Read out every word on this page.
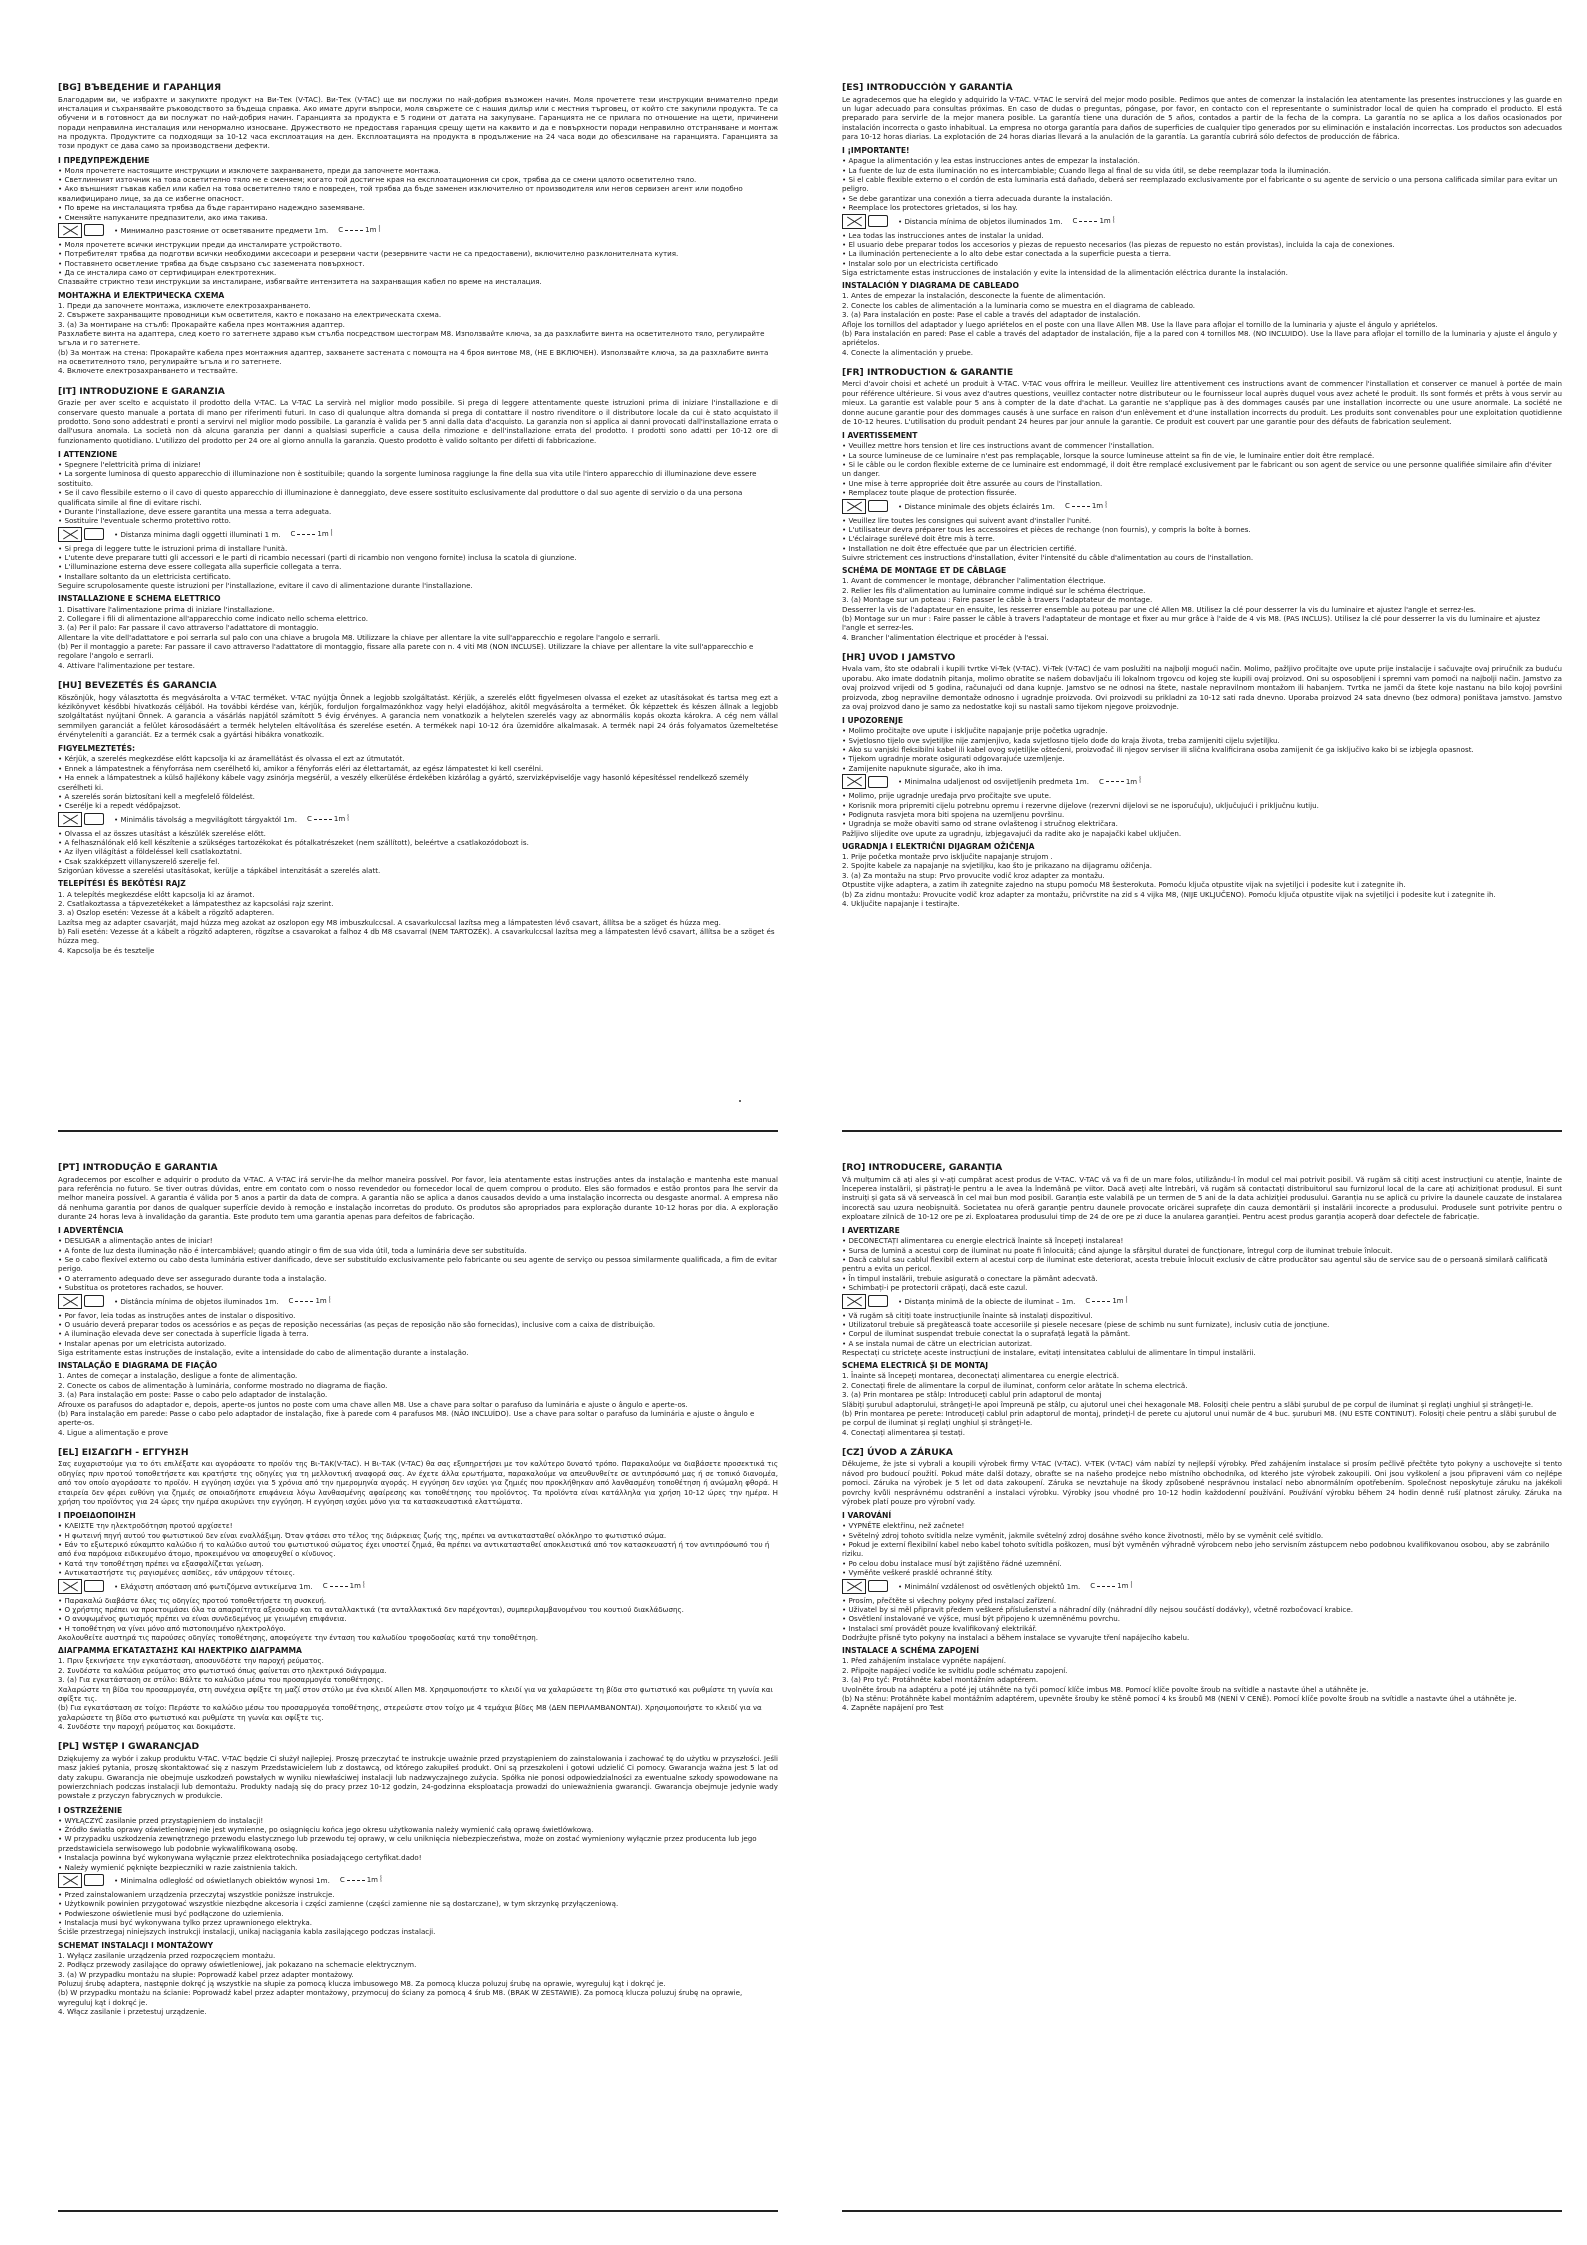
[BG] ВЪВЕДЕНИЕ И ГАРАНЦИЯ
Благодарим ви, че избрахте и закупихте продукт на Ви-Тек (V-TAC). Ви-Тек (V-TAC) ще ви послужи по най-добрия възможен начин. Моля прочетете тези инструкции внимателно преди инсталация и съхранявайте ръководството за бъдеща справка. Ако имате други въпроси, моля свържете се с нашия дилър или с местния търговец, от който сте закупили продукта. Те са обучени и в готовност да ви послужат по най-добрия начин. Гаранцията за продукта е 5 години от датата на закупуване. Гаранцията не се прилага по отношение на щети, причинени поради неправилна инсталация или ненормално износване. Дружеството не предоставя гаранция срещу щети на каквито и да е повърхности поради неправилно отстраняване и монтаж на продукта. Продуктите са подходящи за 10-12 часа експлоатация на ден. Експлоатацията на продукта в продължение на 24 часа води до обезсилване на гаранцията. Гаранцията за този продукт се дава само за производствени дефекти.
I ПРЕДУПРЕЖДЕНИЕ
• Моля прочетете настоящите инструкции и изключете захранването, преди да започнете монтажа.
• Светлинният източник на това осветително тяло не е сменяем; когато той достигне края на експлоатационния си срок, трябва да се смени цялото осветително тяло.
• Ако външният гъвкав кабел или кабел на това осветително тяло е повреден, той трябва да бъде заменен изключително от производителя или негов сервизен агент или подобно квалифицирано лице, за да се избегне опасност.
• По време на инсталацията трябва да бъде гарантирано надеждно заземяване.
• Сменяйте напуканите предпазители, ако има такива.
• Минимално разстояние от осветяваните предмети 1m. C	1m ⦚
• Моля прочетете всички инструкции преди да инсталирате устройството.
• Потребителят трябва да подготви всички необходими аксесоари и резервни части (резервните части не са предоставени), включително разклонителната кутия.
• Поставянето осветление трябва да бъде свързано със заземената повърхност.
• Да се инсталира само от сертифициран електротехник.
Спазвайте стриктно тези инструкции за инсталиране, избягвайте интензитета на захранващия кабел по време на инсталация.
МОНТАЖНА И ЕЛЕКТРИЧЕСКА СХЕМА
1. Преди да започнете монтажа, изключете електрозахранването.
2. Свържете захранващите проводници към осветителя, както е показано на електрическата схема.
3. (a) За монтиране на стълб: Прокарайте кабела през монтажния адаптер.
Разхлабете винта на адаптера, след което го затегнете здраво към стълба посредством шестограм M8. Използвайте ключа, за да разхлабите винта на осветителното тяло, регулирайте ъгъла и го затегнете.
(b) За монтаж на стена: Прокарайте кабела през монтажния адаптер, захванете застената с помощта на 4 броя винтове M8, (НЕ Е ВКЛЮЧЕН). Използвайте ключа, за да разхлабите винта на осветителното тяло, регулирайте ъгъла и го затегнете.
4. Включете електрозахранването и тествайте.
[IT] INTRODUZIONE E GARANZIA
Grazie per aver scelto e acquistato il prodotto della V-TAC. La V-TAC La servirà nel miglior modo possibile. Si prega di leggere attentamente queste istruzioni prima di iniziare l'installazione e di conservare questo manuale a portata di mano per riferimenti futuri. In caso di qualunque altra domanda si prega di contattare il nostro rivenditore o il distributore locale da cui è stato acquistato il prodotto. Sono sono addestrati e pronti a servirvi nel miglior modo possibile. La garanzia è valida per 5 anni dalla data d'acquisto. La garanzia non si applica ai danni provocati dall'installazione errata o dall'usura anomala. La società non dà alcuna garanzia per danni a qualsiasi superficie a causa della rimozione e dell'installazione errata del prodotto. I prodotti sono adatti per 10-12 ore di funzionamento quotidiano. L'utilizzo del prodotto per 24 ore al giorno annulla la garanzia. Questo prodotto è valido soltanto per difetti di fabbricazione.
I ATTENZIONE
• Spegnere l'elettricità prima di iniziare!
• La sorgente luminosa di questo apparecchio di illuminazione non è sostituibile; quando la sorgente luminosa raggiunge la fine della sua vita utile l'intero apparecchio di illuminazione deve essere sostituito.
• Se il cavo flessibile esterno o il cavo di questo apparecchio di illuminazione è danneggiato, deve essere sostituito esclusivamente dal produttore o dal suo agente di servizio o da una persona qualificata simile al fine di evitare rischi.
• Durante l'installazione, deve essere garantita una messa a terra adeguata.
• Sostituire l'eventuale schermo protettivo rotto.
• Distanza minima dagli oggetti illuminati 1 m. C	1m ⦚
• Si prega di leggere tutte le istruzioni prima di installare l'unità.
• L'utente deve preparare tutti gli accessori e le parti di ricambio necessari (parti di ricambio non vengono fornite) inclusa la scatola di giunzione.
• L'illuminazione esterna deve essere collegata alla superficie collegata a terra.
• Installare soltanto da un elettricista certificato.
Seguire scrupolosamente queste istruzioni per l'installazione, evitare il cavo di alimentazione durante l'installazione.
INSTALLAZIONE E SCHEMA ELETTRICO
1. Disattivare l'alimentazione prima di iniziare l'installazione.
2. Collegare i fili di alimentazione all'apparecchio come indicato nello schema elettrico.
3. (a) Per il palo: Far passare il cavo attraverso l'adattatore di montaggio.
Allentare la vite dell'adattatore e poi serrarla sul palo con una chiave a brugola M8. Utilizzare la chiave per allentare la vite sull'apparecchio e regolare l'angolo e serrarli.
(b) Per il montaggio a parete: Far passare il cavo attraverso l'adattatore di montaggio, fissare alla parete con n. 4 viti M8 (NON INCLUSE). Utilizzare la chiave per allentare la vite sull'apparecchio e regolare l'angolo e serrarli.
4. Attivare l'alimentazione per testare.
[HU] BEVEZETÉS ÉS GARANCIA
Köszönjük, hogy választotta és megvásárolta a V-TAC terméket. V-TAC nyújtja Önnek a legjobb szolgáltatást. Kérjük, a szerelés előtt figyelmesen olvassa el ezeket az utasításokat és tartsa meg ezt a kézikönyvet későbbi hivatkozás céljából. Ha további kérdése van, kérjük, forduljon forgalmazónkhoz vagy helyi eladójához, akitől megvásárolta a terméket. Ők képzettek és készen állnak a legjobb szolgáltatást nyújtani Önnek. A garancia a vásárlás napjától számított 5 évig érvényes. A garancia nem vonatkozik a helytelen szerelés vagy az abnormális kopás okozta károkra. A cég nem vállal semmilyen garanciát a felület károsodásáért a termék helytelen eltávolítása és szerelése esetén. A termékek napi 10-12 óra üzemidőre alkalmasak. A termék napi 24 órás folyamatos üzemeltetése érvényteleníti a garanciát. Ez a termék csak a gyártási hibákra vonatkozik.
FIGYELMEZTETÉS:
• Kérjük, a szerelés megkezdése előtt kapcsolja ki az áramellátást és olvassa el ezt az útmutatót.
• Ennek a lámpatestnek a fényforrása nem cserélhető ki, amikor a fényforrás eléri az élettartamát, az egész lámpatestet ki kell cserélni.
• Ha ennek a lámpatestnek a külső hajlékony kábele vagy zsinórja megsérül, a veszély elkerülése érdekében kizárólag a gyártó, szervizképviselője vagy hasonló képesítéssel rendelkező személy cserélheti ki.
• A szerelés során biztosítani kell a megfelelő földelést.
• Cserélje ki a repedt védőpajzsot.
• Minimális távolság a megvilágított tárgyaktól 1m. C	1m ⦚
• Olvassa el az összes utasítást a készülék szerelése előtt.
• A felhasználónak elő kell készítenie a szükséges tartozékokat és pótalkatrészeket (nem szállított), beleértve a csatlakozódobozt is.
• Az ilyen világítást a földeléssel kell csatlakoztatni.
• Csak szakképzett villanyszerelő szerelje fel.
Szigorúan kövesse a szerelési utasításokat, kerülje a tápkábel intenzitását a szerelés alatt.
TELEPÍTÉSI ÉS BEKÖTÉSI RAJZ
1. A telepítés megkezdése előtt kapcsolja ki az áramot.
2. Csatlakoztassa a tápvezetékeket a lámpatesthez az kapcsolási rajz szerint.
3. a) Oszlop esetén: Vezesse át a kábelt a rögzítő adapteren.
Lazítsa meg az adapter csavarját, majd húzza meg azokat az oszlopon egy M8 imbuszkulccsal. A csavarkulccsal lazítsa meg a lámpatesten lévő csavart, állítsa be a szöget és húzza meg.
b) Fali esetén: Vezesse át a kábelt a rögzítő adapteren, rögzítse a csavarokat a falhoz 4 db M8 csavarral (NEM TARTOZÉK). A csavarkulccsal lazítsa meg a lámpatesten lévő csavart, állítsa be a szöget és húzza meg.
4. Kapcsolja be és tesztelje
[ES] INTRODUCCIÓN Y GARANTÍA
Le agradecemos que ha elegido y adquirido la V-TAC. V-TAC le servirá del mejor modo posible. Pedimos que antes de comenzar la instalación lea atentamente las presentes instrucciones y las guarde en un lugar adecuado para consultas próximas. En caso de dudas o preguntas, póngase, por favor, en contacto con el representante o suministrador local de quien ha comprado el producto. El está preparado para servirle de la mejor manera posible. La garantía tiene una duración de 5 años, contados a partir de la fecha de la compra. La garantía no se aplica a los daños ocasionados por instalación incorrecta o gasto inhabitual. La empresa no otorga garantía para daños de superficies de cualquier tipo generados por su eliminación e instalación incorrectas. Los productos son adecuados para 10-12 horas diarias. La explotación de 24 horas diarias llevará a la anulación de la garantía. La garantía cubrirá sólo defectos de producción de fábrica.
I ¡IMPORTANTE!
• Apague la alimentación y lea estas instrucciones antes de empezar la instalación.
• La fuente de luz de esta iluminación no es intercambiable; Cuando llega al final de su vida útil, se debe reemplazar toda la iluminación.
• Si el cable flexible externo o el cordón de esta luminaria está dañado, deberá ser reemplazado exclusivamente por el fabricante o su agente de servicio o una persona calificada similar para evitar un peligro.
• Se debe garantizar una conexión a tierra adecuada durante la instalación.
• Reemplace los protectores grietados, si los hay.
• Distancia mínima de objetos iluminados 1m. C	1m ⦚
• Lea todas las instrucciones antes de instalar la unidad.
• El usuario debe preparar todos los accesorios y piezas de repuesto necesarios (las piezas de repuesto no están provistas), incluida la caja de conexiones.
• La iluminación perteneciente a lo alto debe estar conectada a la superficie puesta a tierra.
• Instalar solo por un electricista certificado
Siga estrictamente estas instrucciones de instalación y evite la intensidad de la alimentación eléctrica durante la instalación.
INSTALACIÓN Y DIAGRAMA DE CABLEADO
1. Antes de empezar la instalación, desconecte la fuente de alimentación.
2. Conecte los cables de alimentación a la luminaria como se muestra en el diagrama de cableado.
3. (a) Para instalación en poste: Pase el cable a través del adaptador de instalación.
Afloje los tornillos del adaptador y luego apriételos en el poste con una llave Allen M8. Use la llave para aflojar el tornillo de la luminaria y ajuste el ángulo y apriételos.
(b) Para instalación en pared: Pase el cable a través del adaptador de instalación, fije a la pared con 4 tornillos M8. (NO INCLUIDO). Use la llave para aflojar el tornillo de la luminaria y ajuste el ángulo y apriételos.
4. Conecte la alimentación y pruebe.
[FR] INTRODUCTION & GARANTIE
Merci d'avoir choisi et acheté un produit à V-TAC. V-TAC vous offrira le meilleur. Veuillez lire attentivement ces instructions avant de commencer l'installation et conserver ce manuel à portée de main pour référence ultérieure. Si vous avez d'autres questions, veuillez contacter notre distributeur ou le fournisseur local auprès duquel vous avez acheté le produit. Ils sont formés et prêts à vous servir au mieux. La garantie est valable pour 5 ans à compter de la date d'achat. La garantie ne s'applique pas à des dommages causés par une installation incorrecte ou une usure anormale. La société ne donne aucune garantie pour des dommages causés à une surface en raison d'un enlèvement et d'une installation incorrects du produit. Les produits sont convenables pour une exploitation quotidienne de 10-12 heures. L'utilisation du produit pendant 24 heures par jour annule la garantie. Ce produit est couvert par une garantie pour des défauts de fabrication seulement.
I AVERTISSEMENT
• Veuillez mettre hors tension et lire ces instructions avant de commencer l'installation.
• La source lumineuse de ce luminaire n'est pas remplaçable, lorsque la source lumineuse atteint sa fin de vie, le luminaire entier doit être remplacé.
• Si le câble ou le cordon flexible externe de ce luminaire est endommagé, il doit être remplacé exclusivement par le fabricant ou son agent de service ou une personne qualifiée similaire afin d'éviter un danger.
• Une mise à terre appropriée doit être assurée au cours de l'installation.
• Remplacez toute plaque de protection fissurée.
• Distance minimale des objets éclairés 1m. C	1m ⦚
• Veuillez lire toutes les consignes qui suivent avant d'installer l'unité.
• L'utilisateur devra préparer tous les accessoires et pièces de rechange (non fournis), y compris la boîte à bornes.
• L'éclairage surélevé doit être mis à terre.
• Installation ne doit être effectuée que par un électricien certifié.
Suivre strictement ces instructions d'installation, éviter l'intensité du câble d'alimentation au cours de l'installation.
SCHÉMA DE MONTAGE ET DE CÂBLAGE
1. Avant de commencer le montage, débrancher l'alimentation électrique.
2. Relier les fils d'alimentation au luminaire comme indiqué sur le schéma électrique.
3. (a) Montage sur un poteau : Faire passer le câble à travers l'adaptateur de montage.
Desserrer la vis de l'adaptateur en ensuite, les resserrer ensemble au poteau par une clé Allen M8. Utilisez la clé pour desserrer la vis du luminaire et ajustez l'angle et serrez-les.
(b) Montage sur un mur : Faire passer le câble à travers l'adaptateur de montage et fixer au mur grâce à l'aide de 4 vis M8. (PAS INCLUS). Utilisez la clé pour desserrer la vis du luminaire et ajustez l'angle et serrez-les.
4. Brancher l'alimentation électrique et procéder à l'essai.
[HR] UVOD I JAMSTVO
Hvala vam, što ste odabrali i kupili tvrtke Vi-Tek (V-TAC). Vi-Tek (V-TAC) će vam poslužiti na najbolji mogući način. Molimo, pažljivo pročitajte ove upute prije instalacije i sačuvajte ovaj priručnik za buduću uporabu. Ako imate dodatnih pitanja, molimo obratite se našem dobavljaču ili lokalnom trgovcu od kojeg ste kupili ovaj proizvod. Oni su osposobljeni i spremni vam pomoći na najbolji način. Jamstvo za ovaj proizvod vrijedi od 5 godina, računajući od dana kupnje. Jamstvo se ne odnosi na štete, nastale nepravilnom montažom ili habanjem. Tvrtka ne jamči da štete koje nastanu na bilo kojoj površini proizvoda, zbog nepravilne demontaže odnosno i ugradnje proizvoda. Ovi proizvodi su prikladni za 10-12 sati rada dnevno. Uporaba proizvod 24 sata dnevno (bez odmora) poništava jamstvo. Jamstvo za ovaj proizvod dano je samo za nedostatke koji su nastali samo tijekom njegove proizvodnje.
I UPOZORENJE
• Molimo pročitajte ove upute i isključite napajanje prije početka ugradnje.
• Svjetlosno tijelo ove svjetiljke nije zamjenjivo, kada svjetlosno tijelo dođe do kraja života, treba zamijeniti cijelu svjetiljku.
• Ako su vanjski fleksibilni kabel ili kabel ovog svjetiljke oštećeni, proizvođač ili njegov serviser ili slična kvalificirana osoba zamijenit će ga isključivo kako bi se izbjegla opasnost.
• Tijekom ugradnje morate osigurati odgovarajuće uzemljenje.
• Zamijenite napuknute sigurače, ako ih ima.
• Minimalna udaljenost od osvijetljenih predmeta 1m. C	1m ⦚
• Molimo, prije ugradnje uređaja prvo pročitajte sve upute.
• Korisnik mora pripremiti cijelu potrebnu opremu i rezervne dijelove (rezervni dijelovi se ne isporučuju), uključujući i priključnu kutiju.
• Podignuta rasvjeta mora biti spojena na uzemljenu površinu.
• Ugradnja se može obaviti samo od strane ovlaštenog i stručnog električara.
Pažljivo slijedite ove upute za ugradnju, izbjegavajući da radite ako je napajački kabel uključen.
UGRADNJA I ELEKTRIČNI DIJAGRAM OŽIČENJA
1. Prije početka montaže prvo isključite napajanje strujom .
2. Spojite kabele za napajanje na svjetiljku, kao što je prikazano na dijagramu ožičenja.
3. (a) Za montažu na stup: Prvo provucite vodič kroz adapter za montažu.
Otpustite vijke adaptera, a zatim ih zategnite zajedno na stupu pomoću M8 šesterokuta. Pomoću ključa otpustite vijak na svjetiljci i podesite kut i zategnite ih.
(b) Za zidnu montažu: Provucite vodič kroz adapter za montažu, pričvrstite na zid s 4 vijka M8, (NIJE UKLJUČENO). Pomoću ključa otpustite vijak na svjetiljci i podesite kut i zategnite ih.
4. Uključite napajanje i testirajte.
[PT] INTRODUÇÃO E GARANTIA
Agradecemos por escolher e adquirir o produto da V-TAC. A V-TAC irá servir-lhe da melhor maneira possível. Por favor, leia atentamente estas instruções antes da instalação e mantenha este manual para referência no futuro. Se tiver outras dúvidas, entre em contato com o nosso revendedor ou fornecedor local de quem comprou o produto. Eles são formados e estão prontos para lhe servir da melhor maneira possível. A garantia é válida por 5 anos a partir da data de compra. A garantia não se aplica a danos causados devido a uma instalação incorrecta ou desgaste anormal. A empresa não dá nenhuma garantia por danos de qualquer superfície devido à remoção e instalação incorretas do produto. Os produtos são apropriados para exploração durante 10-12 horas por dia. A exploração durante 24 horas leva à invalidação da garantia. Este produto tem uma garantia apenas para defeitos de fabricação.
I ADVERTÊNCIA
• DESLIGAR a alimentação antes de iniciar!
• A fonte de luz desta iluminação não é intercambiável; quando atingir o fim de sua vida útil, toda a luminária deve ser substituída.
• Se o cabo flexível externo ou cabo desta luminária estiver danificado, deve ser substituído exclusivamente pelo fabricante ou seu agente de serviço ou pessoa similarmente qualificada, a fim de evitar perigo.
• O aterramento adequado deve ser assegurado durante toda a instalação.
• Substitua os protetores rachados, se houver.
• Distância mínima de objetos iluminados 1m. C	1m ⦚
• Por favor, leia todas as instruções antes de instalar o dispositivo.
• O usuário deverá preparar todos os acessórios e as peças de reposição necessárias (as peças de reposição não são fornecidas), inclusive com a caixa de distribuição.
• A iluminação elevada deve ser conectada à superfície ligada à terra.
• Instalar apenas por um eletricista autorizado.
Siga estritamente estas instruções de instalação, evite a intensidade do cabo de alimentação durante a instalação.
INSTALAÇÃO E DIAGRAMA DE FIAÇÃO
1. Antes de começar a instalação, desligue a fonte de alimentação.
2. Conecte os cabos de alimentação à luminária, conforme mostrado no diagrama de fiação.
3. (a) Para instalação em poste: Passe o cabo pelo adaptador de instalação.
Afrouxe os parafusos do adaptador e, depois, aperte-os juntos no poste com uma chave allen M8. Use a chave para soltar o parafuso da luminária e ajuste o ângulo e aperte-os.
(b) Para instalação em parede: Passe o cabo pelo adaptador de instalação, fixe à parede com 4 parafusos M8. (NÃO INCLUÍDO). Use a chave para soltar o parafuso da luminária e ajuste o ângulo e aperte-os.
4. Ligue a alimentação e prove
[EL] ΕΙΣΑΓΩΓΗ - ΕΓΓΥΗΣΗ
Σας ευχαριστούμε για το ότι επιλέξατε και αγοράσατε το προϊόν της Βι-ΤΑΚ(V-TAC). Η Βι-ΤΑΚ (V-TAC) θα σας εξυπηρετήσει με τον καλύτερο δυνατό τρόπο. Παρακαλούμε να διαβάσετε προσεκτικά τις οδηγίες πριν προτού τοποθετήσετε και κρατήστε της οδηγίες για τη μελλοντική αναφορά σας. Αν έχετε άλλα ερωτήματα, παρακαλούμε να απευθυνθείτε σε αντιπρόσωπό μας ή σε τοπικό διανομέα, από τον οποίο αγοράσατε το προϊόν. Η εγγύηση ισχύει για 5 χρόνια από την ημερομηνία αγοράς. Η εγγύηση δεν ισχύει για ζημιές που προκλήθηκαν από λανθασμένη τοποθέτηση ή ανώμαλη φθορά. Η εταιρεία δεν φέρει ευθύνη για ζημιές σε οποιαδήποτε επιφάνεια λόγω λανθασμένης αφαίρεσης και τοποθέτησης του προϊόντος. Τα προϊόντα είναι κατάλληλα για χρήση 10-12 ώρες την ημέρα. Η χρήση του προϊόντος για 24 ώρες την ημέρα ακυρώνει την εγγύηση. Η εγγύηση ισχύει μόνο για τα κατασκευαστικά ελαττώματα.
I ΠΡΟΕΙΔΟΠΟΙΗΣΗ
• ΚΛΕΙΣΤΕ την ηλεκτροδότηση προτού αρχίσετε!
• Η φωτεινή πηγή αυτού του φωτιστικού δεν είναι εναλλάξιμη. Όταν φτάσει στο τέλος της διάρκειας ζωής της, πρέπει να αντικατασταθεί ολόκληρο το φωτιστικό σώμα.
• Εάν το εξωτερικό εύκαμπτο καλώδιο ή το καλώδιο αυτού του φωτιστικού σώματος έχει υποστεί ζημιά, θα πρέπει να αντικατασταθεί αποκλειστικά από τον κατασκευαστή ή τον αντιπρόσωπό του ή από ένα παρόμοια ειδικευμένο άτομο, προκειμένου να αποφευχθεί ο κίνδυνος.
• Κατά την τοποθέτηση πρέπει να εξασφαλίζεται γείωση.
• Αντικαταστήστε τις ραγισμένες ασπίδες, εάν υπάρχουν τέτοιες.
• Ελάχιστη απόσταση από φωτιζόμενα αντικείμενα 1m. C	1m ⦚
• Παρακαλώ διαβάστε όλες τις οδηγίες προτού τοποθετήσετε τη συσκευή.
• Ο χρήστης πρέπει να προετοιμάσει όλα τα απαραίτητα αξεσουάρ και τα ανταλλακτικά (τα ανταλλακτικά δεν παρέχονται), συμπεριλαμβανομένου του κουτιού διακλάδωσης.
• Ο ανυψωμένος φωτισμός πρέπει να είναι συνδεδεμένος με γειωμένη επιφάνεια.
• Η τοποθέτηση να γίνει μόνο από πιστοποιημένο ηλεκτρολόγο.
Ακολουθείτε αυστηρά τις παρούσες οδηγίες τοποθέτησης, αποφεύγετε την ένταση του καλωδίου τροφοδοσίας κατά την τοποθέτηση.
ΔΙΑΓΡΑΜΜΑ ΕΓΚΑΤΑΣΤΑΣΗΣ ΚΑΙ ΗΛΕΚΤΡΙΚΟ ΔΙΑΓΡΑΜΜΑ
1. Πριν ξεκινήσετε την εγκατάσταση, αποσυνδέστε την παροχή ρεύματος.
2. Συνδέστε τα καλώδια ρεύματος στο φωτιστικό όπως φαίνεται στο ηλεκτρικό διάγραμμα.
3. (a) Για εγκατάσταση σε στύλο: Βάλτε το καλώδιο μέσω του προσαρμογέα τοποθέτησης.
Χαλαρώστε τη βίδα του προσαρμογέα, στη συνέχεια σφίξτε τη μαζί στον στύλο με ένα κλειδί Allen M8. Χρησιμοποιήστε το κλειδί για να χαλαρώσετε τη βίδα στο φωτιστικό και ρυθμίστε τη γωνία και σφίξτε τις.
(b) Για εγκατάσταση σε τοίχο: Περάστε το καλώδιο μέσω του προσαρμογέα τοποθέτησης, στερεώστε στον τοίχο με 4 τεμάχια βίδες M8 (ΔΕΝ ΠΕΡΙΛΑΜΒΑΝΟΝΤΑΙ). Χρησιμοποιήστε το κλειδί για να χαλαρώσετε τη βίδα στο φωτιστικό και ρυθμίστε τη γωνία και σφίξτε τις.
4. Συνδέστε την παροχή ρεύματος και δοκιμάστε.
[PL] WSTĘP I GWARANCJAD
Dziękujemy za wybór i zakup produktu V-TAC. V-TAC będzie Ci służył najlepiej. Proszę przeczytać te instrukcje uważnie przed przystąpieniem do zainstalowania i zachować tę do użytku w przyszłości. Jeśli masz jakieś pytania, proszę skontaktować się z naszym Przedstawicielem lub z dostawcą, od którego zakupiłeś produkt. Oni są przeszkoleni i gotowi udzielić Ci pomocy. Gwarancja ważna jest 5 lat od daty zakupu. Gwarancja nie obejmuje uszkodzeń powstałych w wyniku niewłaściwej instalacji lub nadzwyczajnego zużycia. Spółka nie ponosi odpowiedzialności za ewentualne szkody spowodowane na powierzchniach podczas instalacji lub demontażu. Produkty nadają się do pracy przez 10-12 godzin, 24-godzinna eksploatacja prowadzi do unieważnienia gwarancji. Gwarancja obejmuje jedynie wady powstałe z przyczyn fabrycznych w produkcie.
I OSTRZEŻENIE
• WYŁĄCZYĆ zasilanie przed przystąpieniem do instalacji!
• Źródło światła oprawy oświetleniowej nie jest wymienne, po osiągnięciu końca jego okresu użytkowania należy wymienić całą oprawę świetlówkową.
• W przypadku uszkodzenia zewnętrznego przewodu elastycznego lub przewodu tej oprawy, w celu uniknięcia niebezpieczeństwa, może on zostać wymieniony wyłącznie przez producenta lub jego przedstawiciela serwisowego lub podobnie wykwalifikowaną osobę.
• Instalacja powinna być wykonywana wyłącznie przez elektrotechnika posiadającego certyfikat.dado!
• Należy wymienić pęknięte bezpieczniki w razie zaistnienia takich.
• Minimalna odległość od oświetlanych obiektów wynosi 1m. C	1m ⦚
• Przed zainstalowaniem urządzenia przeczytaj wszystkie poniższe instrukcje.
• Użytkownik powinien przygotować wszystkie niezbędne akcesoria i części zamienne (części zamienne nie są dostarczane), w tym skrzynkę przyłączeniową.
• Podwieszone oświetlenie musi być podłączone do uziemienia.
• Instalacja musi być wykonywana tylko przez uprawnionego elektryka.
Ściśle przestrzegaj niniejszych instrukcji instalacji, unikaj naciągania kabla zasilającego podczas instalacji.
SCHEMAT INSTALACJI I MONTAŻOWY
1. Wyłącz zasilanie urządzenia przed rozpoczęciem montażu.
2. Podłącz przewody zasilające do oprawy oświetleniowej, jak pokazano na schemacie elektrycznym.
3. (a) W przypadku montażu na słupie: Poprowadź kabel przez adapter montażowy.
Poluzuj śrubę adaptera, następnie dokręć ją wszystkie na słupie za pomocą klucza imbusowego M8. Za pomocą klucza poluzuj śrubę na oprawie, wyreguluj kąt i dokręć je.
(b) W przypadku montażu na ścianie: Poprowadź kabel przez adapter montażowy, przymocuj do ściany za pomocą 4 śrub M8. (BRAK W ZESTAWIE). Za pomocą klucza poluzuj śrubę na oprawie, wyreguluj kąt i dokręć je.
4. Włącz zasilanie i przetestuj urządzenie.
[RO] INTRODUCERE, GARANȚIA
Vă mulțumim că ați ales și v-ați cumpărat acest produs de V-TAC. V-TAC vă va fi de un mare folos, utilizându-l în modul cel mai potrivit posibil. Vă rugăm să citiți acest instrucțiuni cu atenție, înainte de începerea instalării, și păstrați-le pentru a le avea la îndemână pe viitor. Dacă aveți alte întrebări, vă rugăm să contactați distribuitorul sau furnizorul local de la care ați achiziționat produsul. Ei sunt instruiți și gata să vă servească în cel mai bun mod posibil. Garanția este valabilă pe un termen de 5 ani de la data achiziției produsului. Garanția nu se aplică cu privire la daunele cauzate de instalarea incorectă sau uzura neobișnuită. Societatea nu oferă garanție pentru daunele provocate oricărei suprafețe din cauza demontării și instalării incorecte a produsului. Produsele sunt potrivite pentru o exploatare zilnică de 10-12 ore pe zi. Exploatarea produsului timp de 24 de ore pe zi duce la anularea garanției. Pentru acest produs garanția acoperă doar defectele de fabricație.
I AVERTIZARE
• DECONECTAȚI alimentarea cu energie electrică înainte să începeți instalarea!
• Sursa de lumină a acestui corp de iluminat nu poate fi înlocuită; când ajunge la sfârșitul duratei de funcționare, întregul corp de iluminat trebuie înlocuit.
• Dacă cablul sau cablul flexibil extern al acestui corp de iluminat este deteriorat, acesta trebuie înlocuit exclusiv de către producător sau agentul său de service sau de o persoană similară calificată pentru a evita un pericol.
• În timpul instalării, trebuie asigurată o conectare la pământ adecvată.
• Schimbați-i pe protectorii crăpați, dacă este cazul.
• Distanța minimă de la obiecte de iluminat – 1m. C	1m ⦚
• Vă rugăm să citiți toate instrucțiunile înainte să instalați dispozitivul.
• Utilizatorul trebuie să pregătească toate accesoriile și piesele necesare (piese de schimb nu sunt furnizate), inclusiv cutia de joncțiune.
• Corpul de iluminat suspendat trebuie conectat la o suprafață legată la pământ.
• A se instala numai de către un electrician autorizat.
Respectați cu strictețe aceste instrucțiuni de instalare, evitați intensitatea cablului de alimentare în timpul instalării.
SCHEMA ELECTRICĂ ȘI DE MONTAJ
1. Înainte să începeți montarea, deconectați alimentarea cu energie electrică.
2. Conectați firele de alimentare la corpul de iluminat, conform celor arătate în schema electrică.
3. (a) Prin montarea pe stâlp: Introduceți cablul prin adaptorul de montaj
Slăbiți șurubul adaptorului, strângeți-le apoi împreună pe stâlp, cu ajutorul unei chei hexagonale M8. Folosiți cheie pentru a slăbi șurubul de pe corpul de iluminat și reglați unghiul și strângeți-le.
(b) Prin montarea pe perete: Introduceți cablul prin adaptorul de montaj, prindeți-l de perete cu ajutorul unui număr de 4 buc. șuruburi M8. (NU ESTE CONTINUT). Folosiți cheie pentru a slăbi șurubul de pe corpul de iluminat și reglați unghiul și strângeți-le.
4. Conectați alimentarea și testați.
[CZ] ÚVOD A ZÁRUKA
Děkujeme, že jste si vybrali a koupili výrobek firmy V-TAC (V-TAC). V-TEK (V-TAC) vám nabízí ty nejlepší výrobky. Před zahájením instalace si prosím pečlivě přečtěte tyto pokyny a uschovejte si tento návod pro budoucí použití. Pokud máte další dotazy, obraťte se na našeho prodejce nebo místního obchodníka, od kterého jste výrobek zakoupili. Oni jsou vyškolení a jsou připraveni vám co nejlépe pomoci. Záruka na výrobek je 5 let od data zakoupení. Záruka se nevztahuje na škody způsobené nesprávnou instalací nebo abnormálním opotřebením. Společnost neposkytuje záruku na jakékoli povrchy kvůli nesprávnému odstranění a instalaci výrobku. Výrobky jsou vhodné pro 10-12 hodin každodenní používání. Používání výrobku během 24 hodin denně ruší platnost záruky. Záruka na výrobek platí pouze pro výrobní vady.
I VAROVÁNÍ
• VYPNĚTE elektřinu, než začnete!
• Světelný zdroj tohoto svítidla nelze vyměnit, jakmile světelný zdroj dosáhne svého konce životnosti, mělo by se vyměnit celé svítidlo.
• Pokud je externí flexibilní kabel nebo kabel tohoto svítidla poškozen, musí být vyměněn výhradně výrobcem nebo jeho servisním zástupcem nebo podobnou kvalifikovanou osobou, aby se zabránilo riziku.
• Po celou dobu instalace musí být zajištěno řádné uzemnění.
• Vyměňte veškeré prasklé ochranné štíty.
• Minimální vzdálenost od osvětlených objektů 1m. C	1m ⦚
• Prosím, přečtěte si všechny pokyny před instalací zařízení.
• Uživatel by si měl připravit předem veškeré příslušenství a náhradní díly (náhradní díly nejsou součástí dodávky), včetně rozbočovací krabice.
• Osvětlení instalované ve výšce, musí být připojeno k uzemněnému povrchu.
• Instalaci smí provádět pouze kvalifikovaný elektrikář.
Dodržujte přísně tyto pokyny na instalaci a během instalace se vyvarujte tření napájecího kabelu.
INSTALACE A SCHÉMA ZAPOJENÍ
1. Před zahájením instalace vypněte napájení.
2. Připojte napájecí vodiče ke svítidlu podle schématu zapojení.
3. (a) Pro tyč: Protáhněte kabel montážním adaptérem.
Uvolněte šroub na adaptéru a poté jej utáhněte na tyči pomocí klíče imbus M8. Pomocí klíče povolte šroub na svítidle a nastavte úhel a utáhněte je.
(b) Na stěnu: Protáhněte kabel montážním adaptérem, upevněte šrouby ke stěně pomocí 4 ks šroubů M8 (NENÍ V CENĚ). Pomocí klíče povolte šroub na svítidle a nastavte úhel a utáhněte je.
4. Zapněte napájení pro Test
